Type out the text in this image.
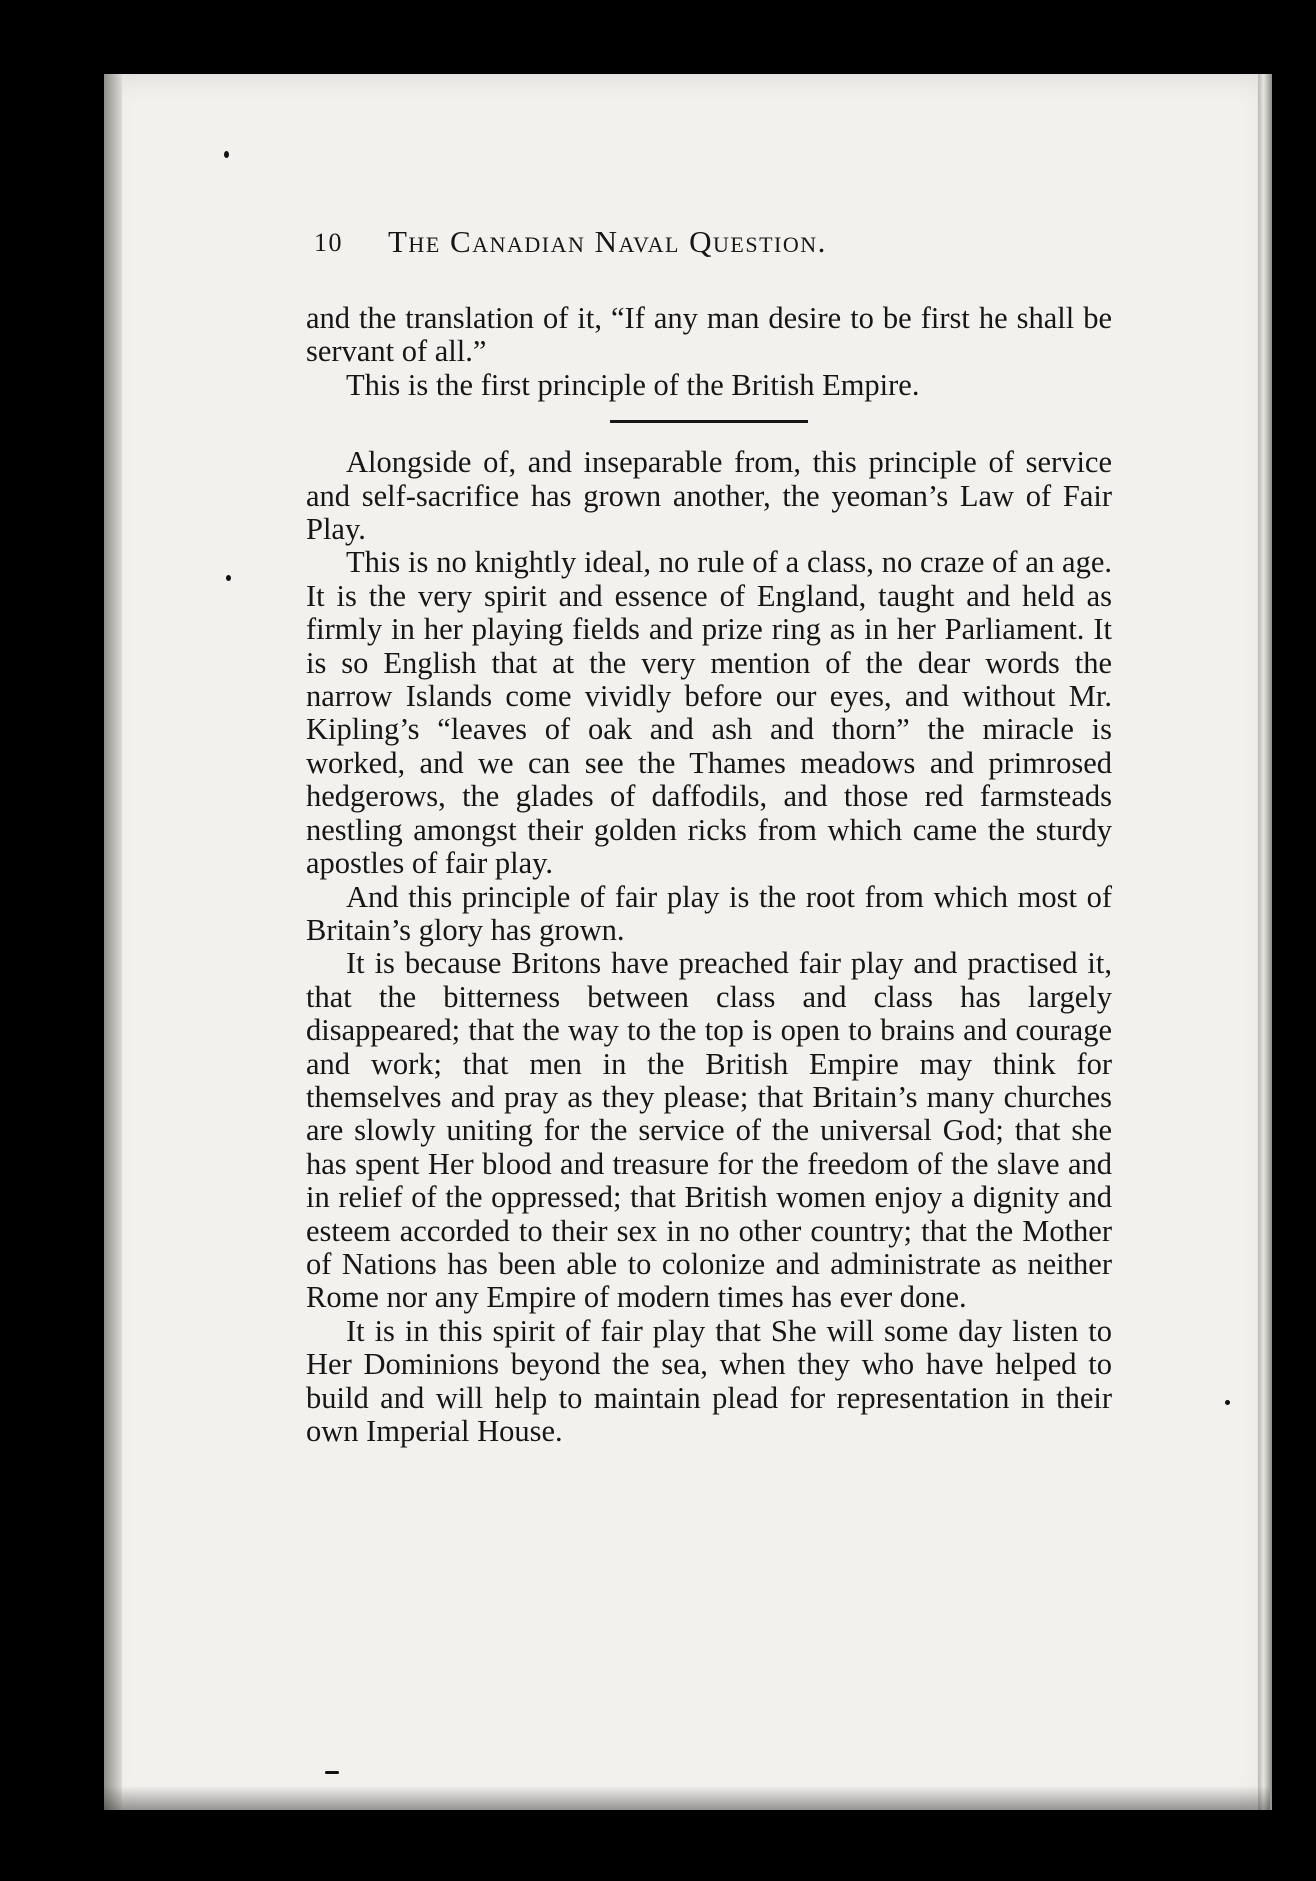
10 The Canadian Naval Question.

and the translation of it, “If any man desire to be first he shall be servant of all.”

This is the first principle of the British Empire.

Alongside of, and inseparable from, this principle of service and self-sacrifice has grown another, the yeoman’s Law of Fair Play.

This is no knightly ideal, no rule of a class, no craze of an age. It is the very spirit and essence of England, taught and held as firmly in her playing fields and prize ring as in her Parliament. It is so English that at the very mention of the dear words the narrow Islands come vividly before our eyes, and without Mr. Kipling’s “leaves of oak and ash and thorn” the miracle is worked, and we can see the Thames meadows and primrosed hedgerows, the glades of daffodils, and those red farmsteads nestling amongst their golden ricks from which came the sturdy apostles of fair play.

And this principle of fair play is the root from which most of Britain’s glory has grown.

It is because Britons have preached fair play and practised it, that the bitterness between class and class has largely disappeared; that the way to the top is open to brains and courage and work; that men in the British Empire may think for themselves and pray as they please; that Britain’s many churches are slowly uniting for the service of the universal God; that she has spent Her blood and treasure for the freedom of the slave and in relief of the oppressed; that British women enjoy a dignity and esteem accorded to their sex in no other country; that the Mother of Nations has been able to colonize and administrate as neither Rome nor any Empire of modern times has ever done.

It is in this spirit of fair play that She will some day listen to Her Dominions beyond the sea, when they who have helped to build and will help to maintain plead for representation in their own Imperial House.
